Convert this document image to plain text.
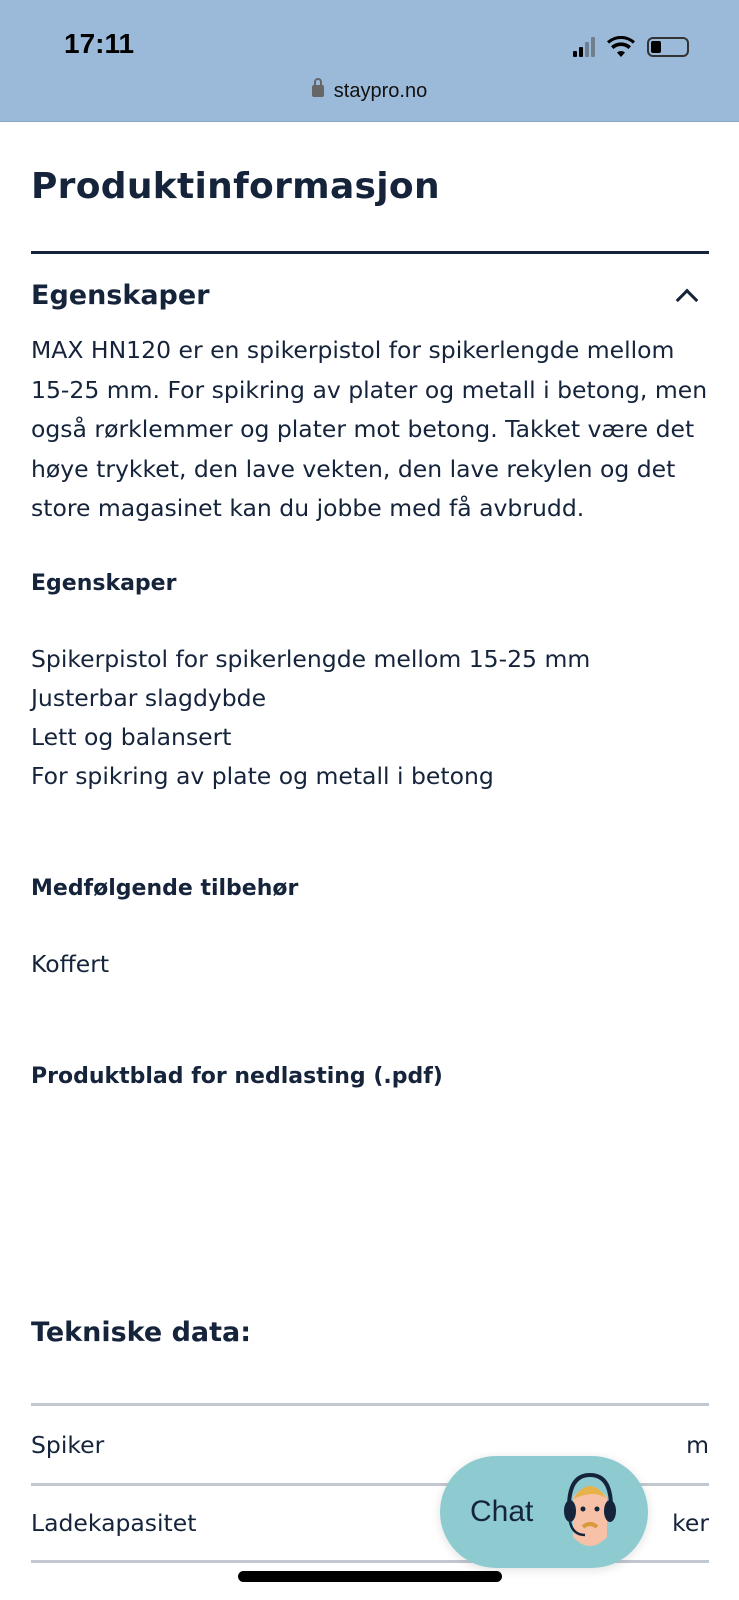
17:11
staypro.no
Produktinformasjon
Egenskaper

MAX HN120 er en spikerpistol for spikerlengde mellom 15-25 mm. For spikring av plater og metall i betong, men også rørklemmer og plater mot betong. Takket være det høye trykket, den lave vekten, den lave rekylen og det store magasinet kan du jobbe med få avbrudd.

Egenskaper
Spikerpistol for spikerlengde mellom 15-25 mm
Justerbar slagdybde
Lett og balansert
For spikring av plate og metall i betong
Medfølgende tilbehør
Koffert
Produktblad for nedlasting (.pdf)
Tekniske data:
Spiker	m
Ladekapasitet	ker
Chat
